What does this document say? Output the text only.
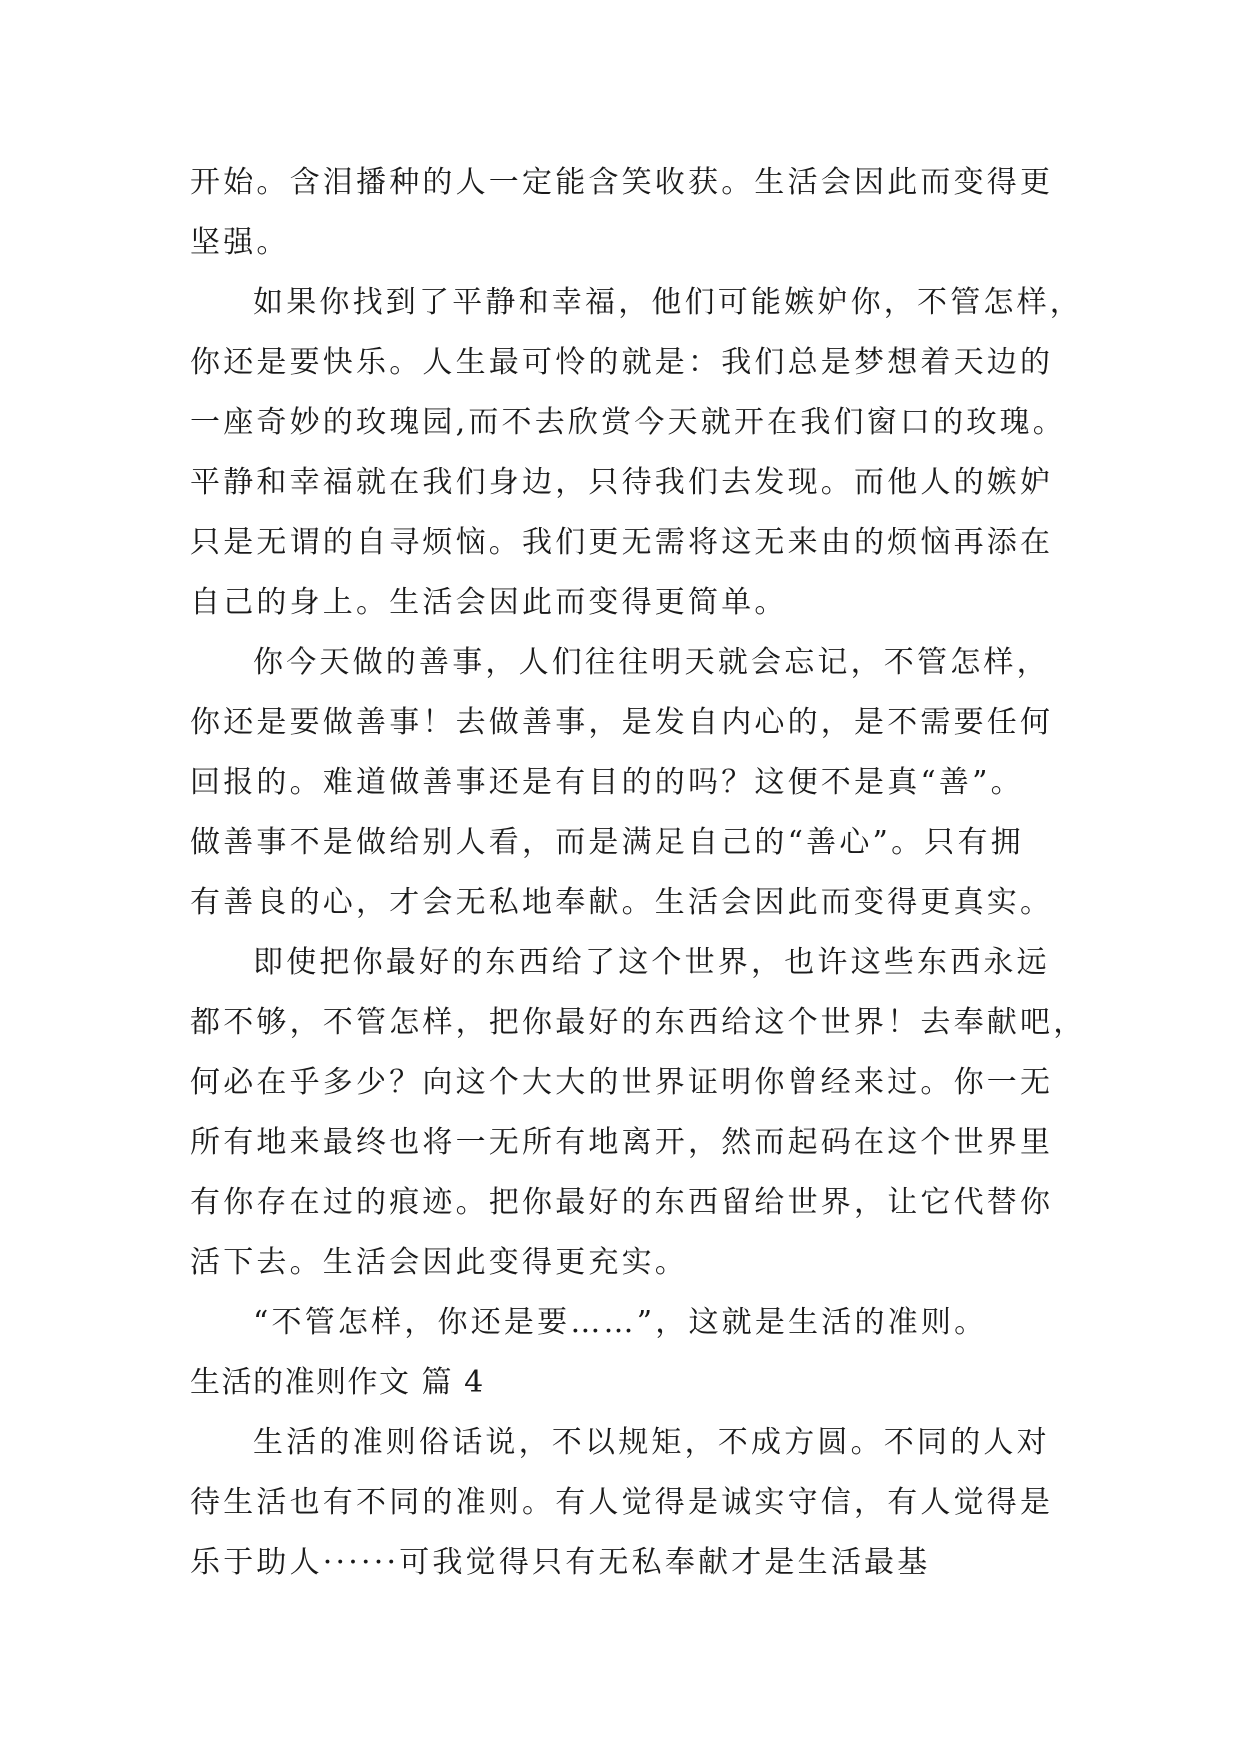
开始。含泪播种的人一定能含笑收获。生活会因此而变得更
坚强。
如果你找到了平静和幸福，他们可能嫉妒你，不管怎样，
你还是要快乐。人生最可怜的就是：我们总是梦想着天边的
一座奇妙的玫瑰园,而不去欣赏今天就开在我们窗口的玫瑰。
平静和幸福就在我们身边，只待我们去发现。而他人的嫉妒
只是无谓的自寻烦恼。我们更无需将这无来由的烦恼再添在
自己的身上。生活会因此而变得更简单。
你今天做的善事，人们往往明天就会忘记，不管怎样，
你还是要做善事！去做善事，是发自内心的，是不需要任何
回报的。难道做善事还是有目的的吗？这便不是真“善”。
做善事不是做给别人看，而是满足自己的“善心”。只有拥
有善良的心，才会无私地奉献。生活会因此而变得更真实。
即使把你最好的东西给了这个世界，也许这些东西永远
都不够，不管怎样，把你最好的东西给这个世界！去奉献吧，
何必在乎多少？向这个大大的世界证明你曾经来过。你一无
所有地来最终也将一无所有地离开，然而起码在这个世界里
有你存在过的痕迹。把你最好的东西留给世界，让它代替你
活下去。生活会因此变得更充实。
“不管怎样，你还是要……”，这就是生活的准则。
生活的准则作文 篇 4
生活的准则俗话说，不以规矩，不成方圆。不同的人对
待生活也有不同的准则。有人觉得是诚实守信，有人觉得是
乐于助人······可我觉得只有无私奉献才是生活最基
